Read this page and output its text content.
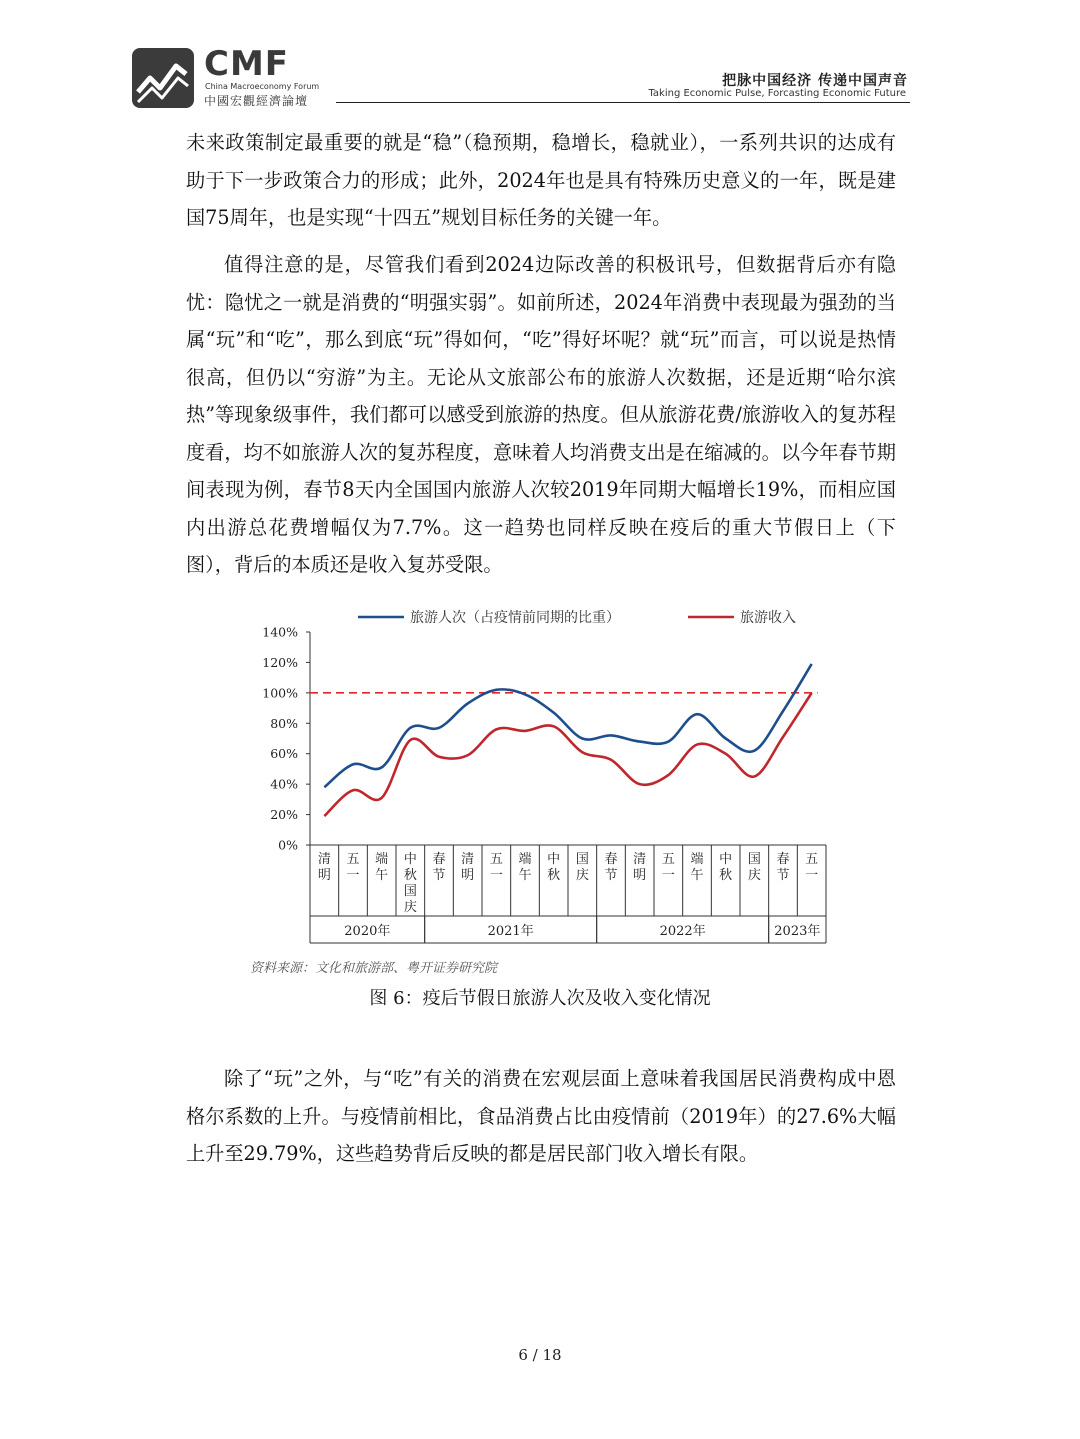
CMF
China Macroeconomy Forum
中國宏觀經濟論壇
把脉中国经济 传递中国声音
Taking Economic Pulse, Forcasting Economic Future

未来政策制定最重要的就是“稳”（稳预期，稳增长，稳就业），一系列共识的达成有助于下一步政策合力的形成；此外，2024年也是具有特殊历史意义的一年，既是建国75周年，也是实现“十四五”规划目标任务的关键一年。

值得注意的是，尽管我们看到2024边际改善的积极讯号，但数据背后亦有隐忧：隐忧之一就是消费的“明强实弱”。如前所述，2024年消费中表现最为强劲的当属“玩”和“吃”，那么到底“玩”得如何，“吃”得好坏呢？就“玩”而言，可以说是热情很高，但仍以“穷游”为主。无论从文旅部公布的旅游人次数据，还是近期“哈尔滨热”等现象级事件，我们都可以感受到旅游的热度。但从旅游花费/旅游收入的复苏程度看，均不如旅游人次的复苏程度，意味着人均消费支出是在缩减的。以今年春节期间表现为例，春节8天内全国国内旅游人次较2019年同期大幅增长19%，而相应国内出游总花费增幅仅为7.7%。这一趋势也同样反映在疫后的重大节假日上（下图），背后的本质还是收入复苏受限。

旅游人次（占疫情前同期的比重）	旅游收入
0%
20%
40%
60%
80%
100%
120%
140%
清
明
五
一
端
午
中
秋
国
庆
春
节
清
明
五
一
端
午
中
秋
国
庆
春
节
清
明
五
一
端
午
中
秋
国
庆
春
节
五
一
2020年	2021年	2022年	2023年
资料来源：文化和旅游部、粤开证券研究院
图 6：疫后节假日旅游人次及收入变化情况

除了“玩”之外，与“吃”有关的消费在宏观层面上意味着我国居民消费构成中恩格尔系数的上升。与疫情前相比，食品消费占比由疫情前（2019年）的27.6%大幅上升至29.79%，这些趋势背后反映的都是居民部门收入增长有限。

6 / 18
